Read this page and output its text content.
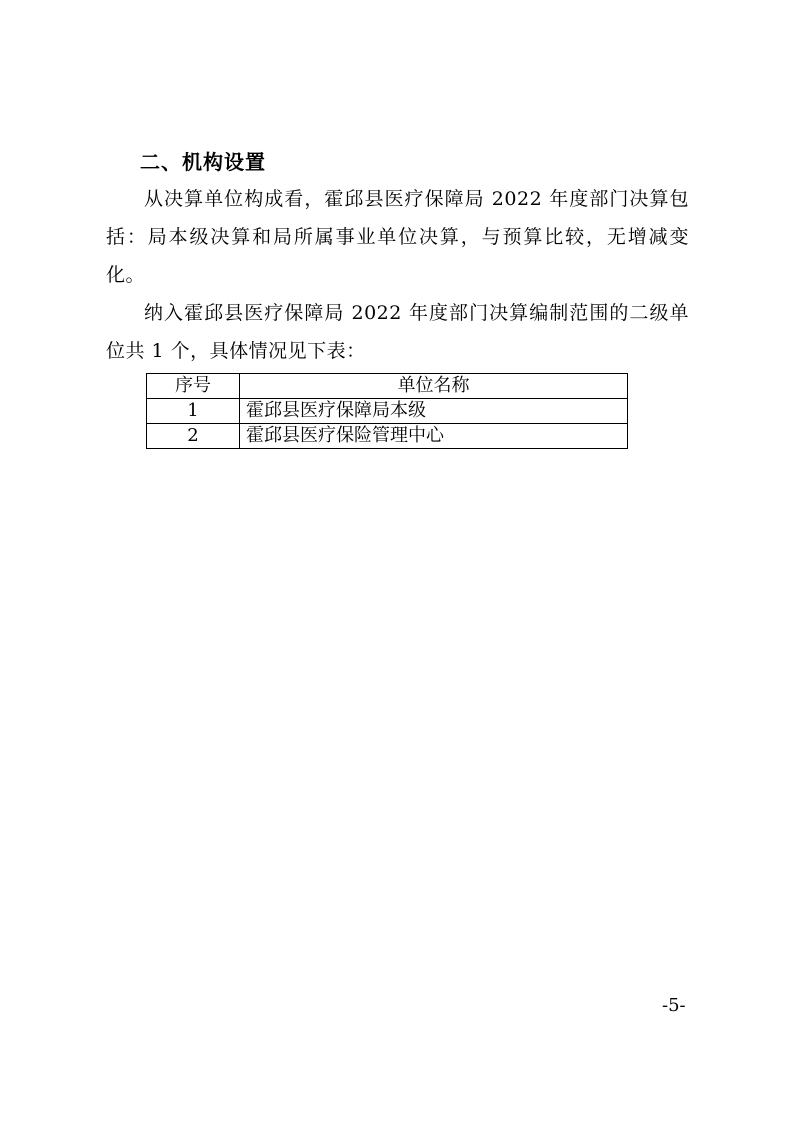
二、机构设置
从决算单位构成看，霍邱县医疗保障局 2022 年度部门决算包括：局本级决算和局所属事业单位决算，与预算比较，无增减变化。
纳入霍邱县医疗保障局 2022 年度部门决算编制范围的二级单位共 1 个，具体情况见下表：
序号	单位名称
1	霍邱县医疗保障局本级
2	霍邱县医疗保险管理中心
-5-
